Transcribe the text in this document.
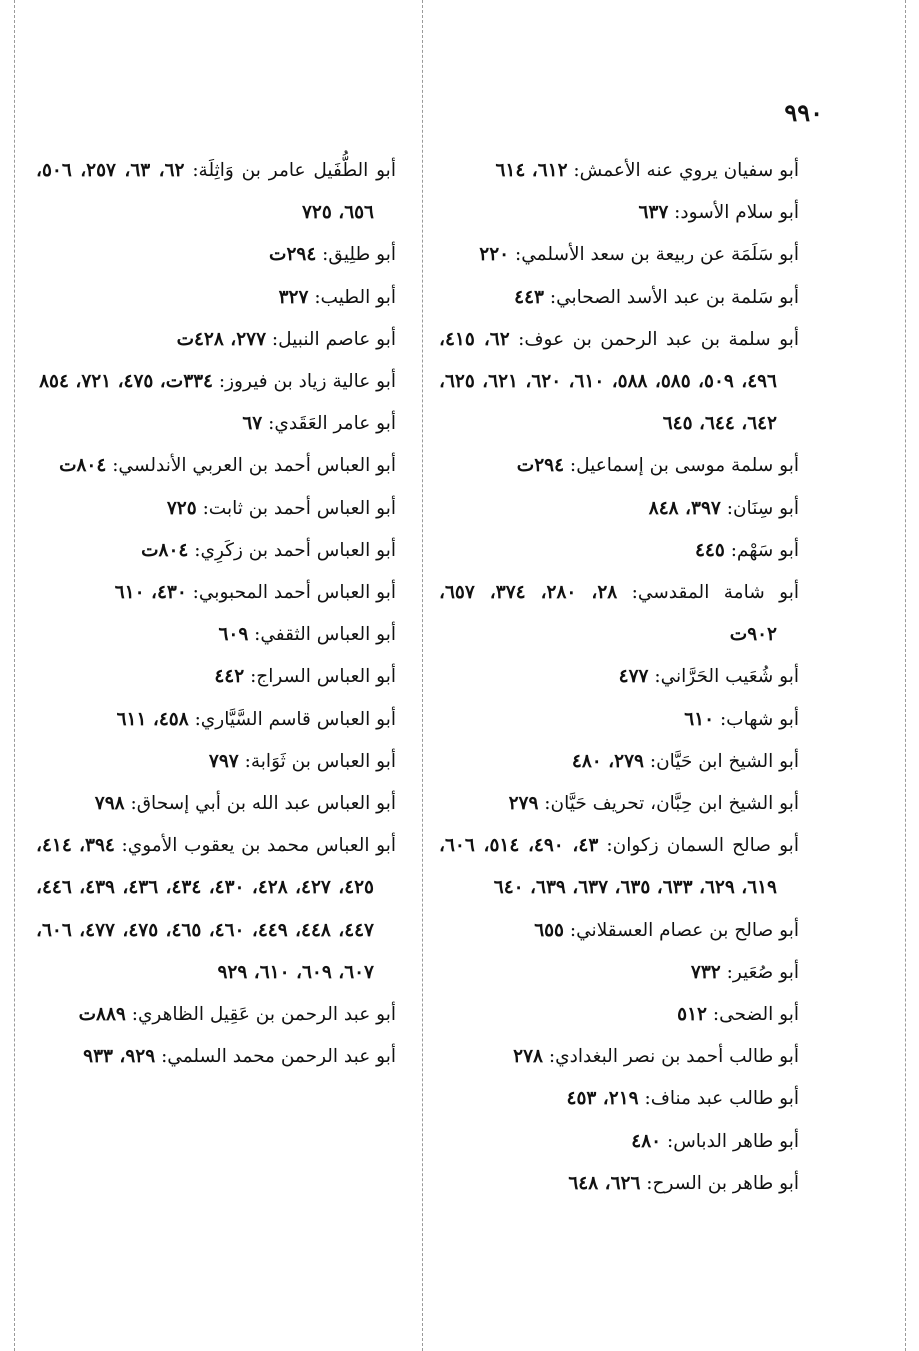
٩٩٠
أبو سفيان يروي عنه الأعمش: ٦١٢، ٦١٤
أبو سلام الأسود: ٦٣٧
أبو سَلَمَة عن ربيعة بن سعد الأسلمي: ٢٢٠
أبو سَلمة بن عبد الأسد الصحابي: ٤٤٣
أبو سلمة بن عبد الرحمن بن عوف: ٦٢، ٤١٥، ٤٩٦، ٥٠٩، ٥٨٥، ٥٨٨، ٦١٠، ٦٢٠، ٦٢١، ٦٢٥، ٦٤٢، ٦٤٤، ٦٤٥
أبو سلمة موسى بن إسماعيل: ٢٩٤ت
أبو سِنَان: ٣٩٧، ٨٤٨
أبو سَهْم: ٤٤٥
أبو شامة المقدسي: ٢٨، ٢٨٠، ٣٧٤، ٦٥٧، ٩٠٢ت
أبو شُعَيب الحَرَّاني: ٤٧٧
أبو شهاب: ٦١٠
أبو الشيخ ابن حَيَّان: ٢٧٩، ٤٨٠
أبو الشيخ ابن حِبَّان، تحريف حَيَّان: ٢٧٩
أبو صالح السمان زكوان: ٤٣، ٤٩٠، ٥١٤، ٦٠٦، ٦١٩، ٦٢٩، ٦٣٣، ٦٣٥، ٦٣٧، ٦٣٩، ٦٤٠
أبو صالح بن عصام العسقلاني: ٦٥٥
أبو صُعَير: ٧٣٢
أبو الضحى: ٥١٢
أبو طالب أحمد بن نصر البغدادي: ٢٧٨
أبو طالب عبد مناف: ٢١٩، ٤٥٣
أبو طاهر الدباس: ٤٨٠
أبو طاهر بن السرح: ٦٢٦، ٦٤٨
أبو الطُّفَيل عامر بن وَاثِلَة: ٦٢، ٦٣، ٢٥٧، ٥٠٦، ٦٥٦، ٧٢٥
أبو طلِيق: ٢٩٤ت
أبو الطيب: ٣٢٧
أبو عاصم النبيل: ٢٧٧، ٤٢٨ت
أبو عالية زياد بن فيروز: ٣٣٤ت، ٤٧٥، ٧٢١، ٨٥٤
أبو عامر العَقَدي: ٦٧
أبو العباس أحمد بن العربي الأندلسي: ٨٠٤ت
أبو العباس أحمد بن ثابت: ٧٢٥
أبو العباس أحمد بن زكَرِي: ٨٠٤ت
أبو العباس أحمد المحبوبي: ٤٣٠، ٦١٠
أبو العباس الثقفي: ٦٠٩
أبو العباس السراج: ٤٤٢
أبو العباس قاسم السَّيَّاري: ٤٥٨، ٦١١
أبو العباس بن ثَوَابة: ٧٩٧
أبو العباس عبد الله بن أبي إسحاق: ٧٩٨
أبو العباس محمد بن يعقوب الأموي: ٣٩٤، ٤١٤، ٤٢٥، ٤٢٧، ٤٢٨، ٤٣٠، ٤٣٤، ٤٣٦، ٤٣٩، ٤٤٦، ٤٤٧، ٤٤٨، ٤٤٩، ٤٦٠، ٤٦٥، ٤٧٥، ٤٧٧، ٦٠٦، ٦٠٧، ٦٠٩، ٦١٠، ٩٢٩
أبو عبد الرحمن بن عَقِيل الظاهري: ٨٨٩ت
أبو عبد الرحمن محمد السلمي: ٩٢٩، ٩٣٣
